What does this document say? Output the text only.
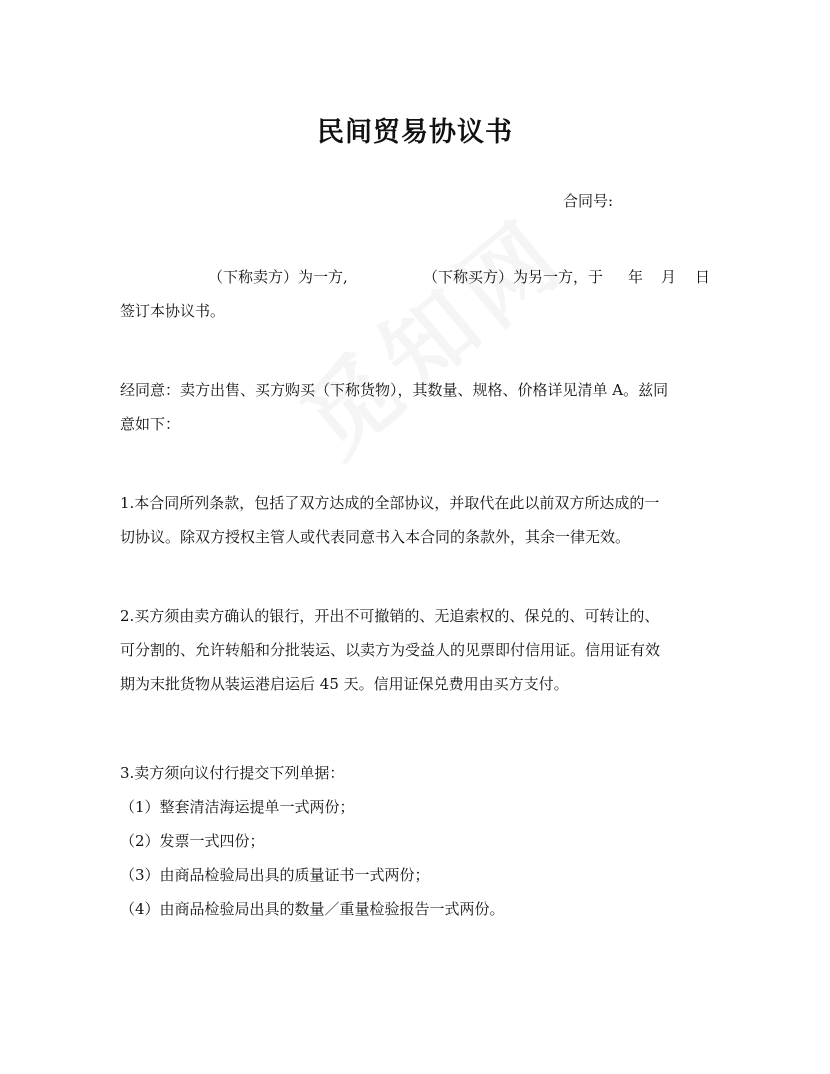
民间贸易协议书
合同号:
（下称卖方）为一方,	（下称买方）为另一方，于 年 月 日
签订本协议书。
经同意：卖方出售、买方购买（下称货物），其数量、规格、价格详见清单 A。兹同
意如下：
1.本合同所列条款，包括了双方达成的全部协议，并取代在此以前双方所达成的一
切协议。除双方授权主管人或代表同意书入本合同的条款外，其余一律无效。
2.买方须由卖方确认的银行，开出不可撤销的、无追索权的、保兑的、可转让的、
可分割的、允许转船和分批装运、以卖方为受益人的见票即付信用证。信用证有效
期为末批货物从装运港启运后 45 天。信用证保兑费用由买方支付。
3.卖方须向议付行提交下列单据：
（1）整套清洁海运提单一式两份；
（2）发票一式四份；
（3）由商品检验局出具的质量证书一式两份；
（4）由商品检验局出具的数量／重量检验报告一式两份。
